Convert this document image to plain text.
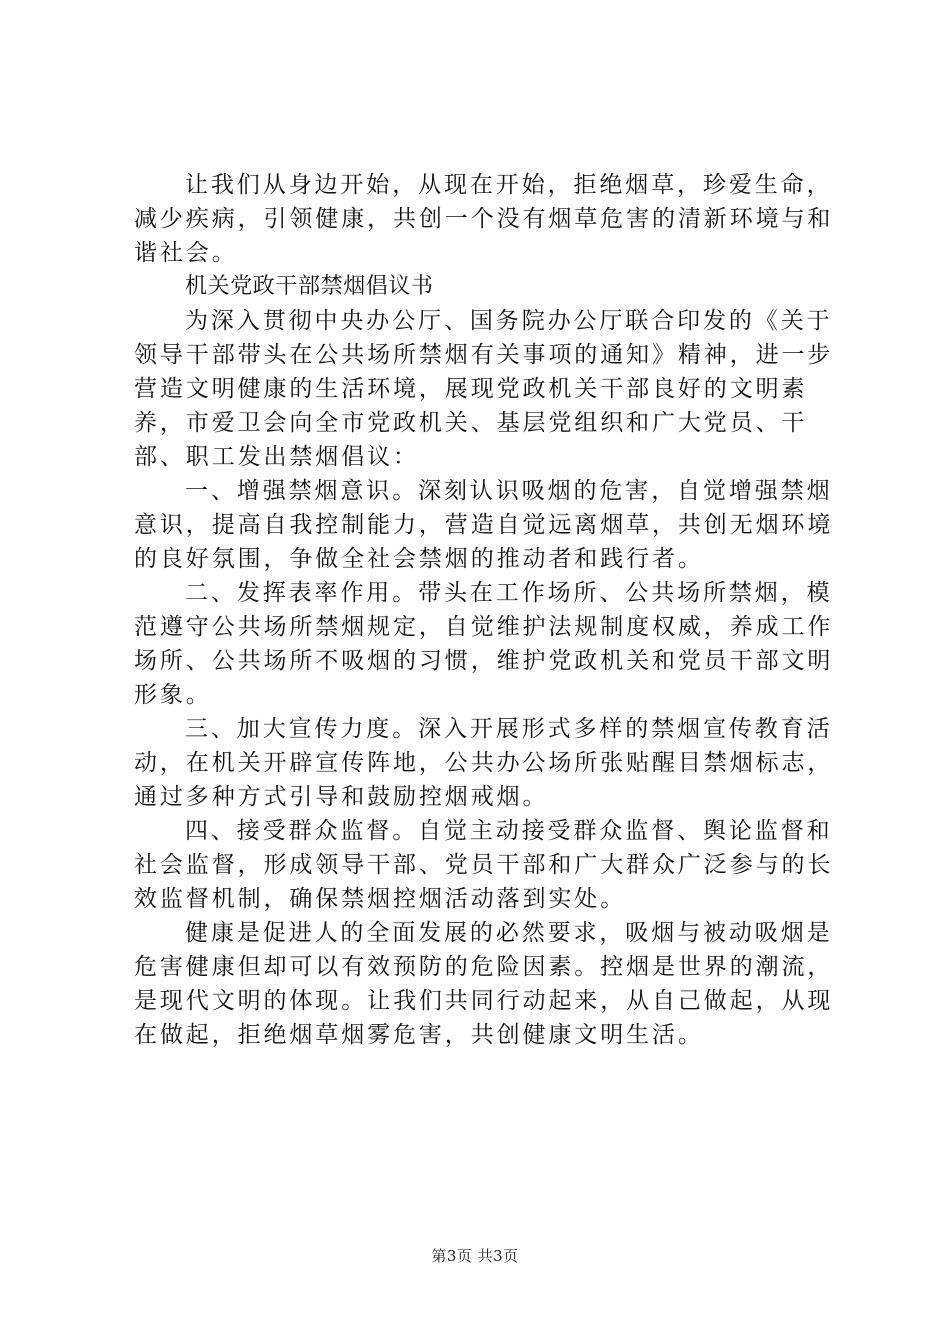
让我们从身边开始，从现在开始，拒绝烟草，珍爱生命，减少疾病，引领健康，共创一个没有烟草危害的清新环境与和谐社会。

机关党政干部禁烟倡议书

为深入贯彻中央办公厅、国务院办公厅联合印发的《关于领导干部带头在公共场所禁烟有关事项的通知》精神，进一步营造文明健康的生活环境，展现党政机关干部良好的文明素养，市爱卫会向全市党政机关、基层党组织和广大党员、干部、职工发出禁烟倡议：

一、增强禁烟意识。深刻认识吸烟的危害，自觉增强禁烟意识，提高自我控制能力，营造自觉远离烟草，共创无烟环境的良好氛围，争做全社会禁烟的推动者和践行者。

二、发挥表率作用。带头在工作场所、公共场所禁烟，模范遵守公共场所禁烟规定，自觉维护法规制度权威，养成工作场所、公共场所不吸烟的习惯，维护党政机关和党员干部文明形象。

三、加大宣传力度。深入开展形式多样的禁烟宣传教育活动，在机关开辟宣传阵地，公共办公场所张贴醒目禁烟标志，通过多种方式引导和鼓励控烟戒烟。

四、接受群众监督。自觉主动接受群众监督、舆论监督和社会监督，形成领导干部、党员干部和广大群众广泛参与的长效监督机制，确保禁烟控烟活动落到实处。

健康是促进人的全面发展的必然要求，吸烟与被动吸烟是危害健康但却可以有效预防的危险因素。控烟是世界的潮流，是现代文明的体现。让我们共同行动起来，从自己做起，从现在做起，拒绝烟草烟雾危害，共创健康文明生活。

第3页 共3页
